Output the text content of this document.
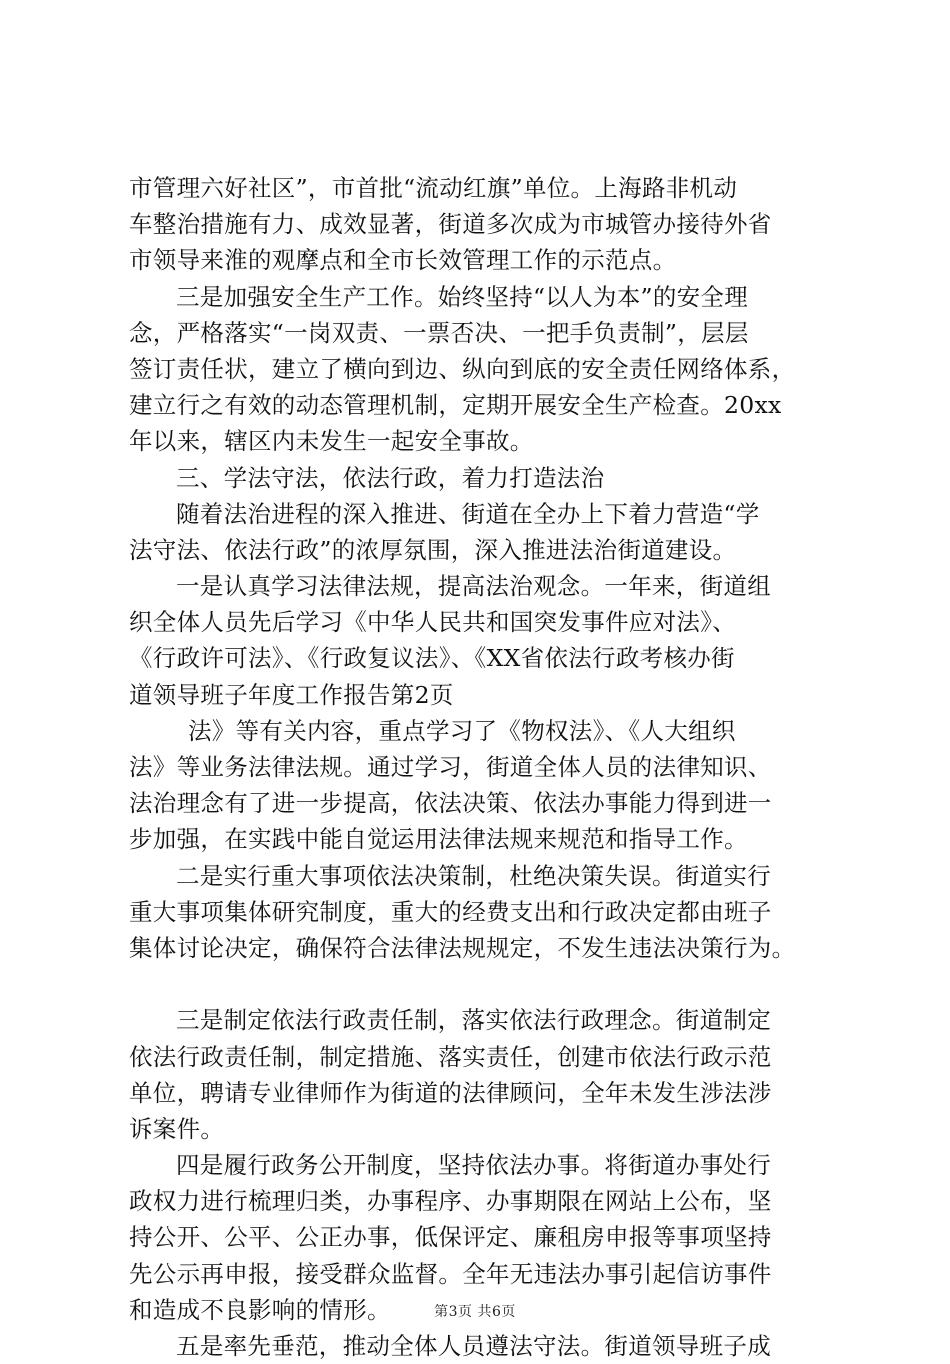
市管理六好社区”，市首批“流动红旗”单位。上海路非机动
车整治措施有力、成效显著，街道多次成为市城管办接待外省
市领导来淮的观摩点和全市长效管理工作的示范点。
三是加强安全生产工作。始终坚持“以人为本”的安全理
念，严格落实“一岗双责、一票否决、一把手负责制”，层层
签订责任状，建立了横向到边、纵向到底的安全责任网络体系，
建立行之有效的动态管理机制，定期开展安全生产检查。20xx
年以来，辖区内未发生一起安全事故。
三、学法守法，依法行政，着力打造法治
随着法治进程的深入推进、街道在全办上下着力营造“学
法守法、依法行政”的浓厚氛围，深入推进法治街道建设。
一是认真学习法律法规，提高法治观念。一年来，街道组
织全体人员先后学习《中华人民共和国突发事件应对法》、
《行政许可法》、《行政复议法》、《XX省依法行政考核办街
道领导班子年度工作报告第2页
法》等有关内容，重点学习了《物权法》、《人大组织
法》等业务法律法规。通过学习，街道全体人员的法律知识、
法治理念有了进一步提高，依法决策、依法办事能力得到进一
步加强，在实践中能自觉运用法律法规来规范和指导工作。
二是实行重大事项依法决策制，杜绝决策失误。街道实行
重大事项集体研究制度，重大的经费支出和行政决定都由班子
集体讨论决定，确保符合法律法规规定，不发生违法决策行为。
三是制定依法行政责任制，落实依法行政理念。街道制定
依法行政责任制，制定措施、落实责任，创建市依法行政示范
单位，聘请专业律师作为街道的法律顾问，全年未发生涉法涉
诉案件。
四是履行政务公开制度，坚持依法办事。将街道办事处行
政权力进行梳理归类，办事程序、办事期限在网站上公布，坚
持公开、公平、公正办事，低保评定、廉租房申报等事项坚持
先公示再申报，接受群众监督。全年无违法办事引起信访事件
和造成不良影响的情形。
五是率先垂范，推动全体人员遵法守法。街道领导班子成
第3页 共6页
